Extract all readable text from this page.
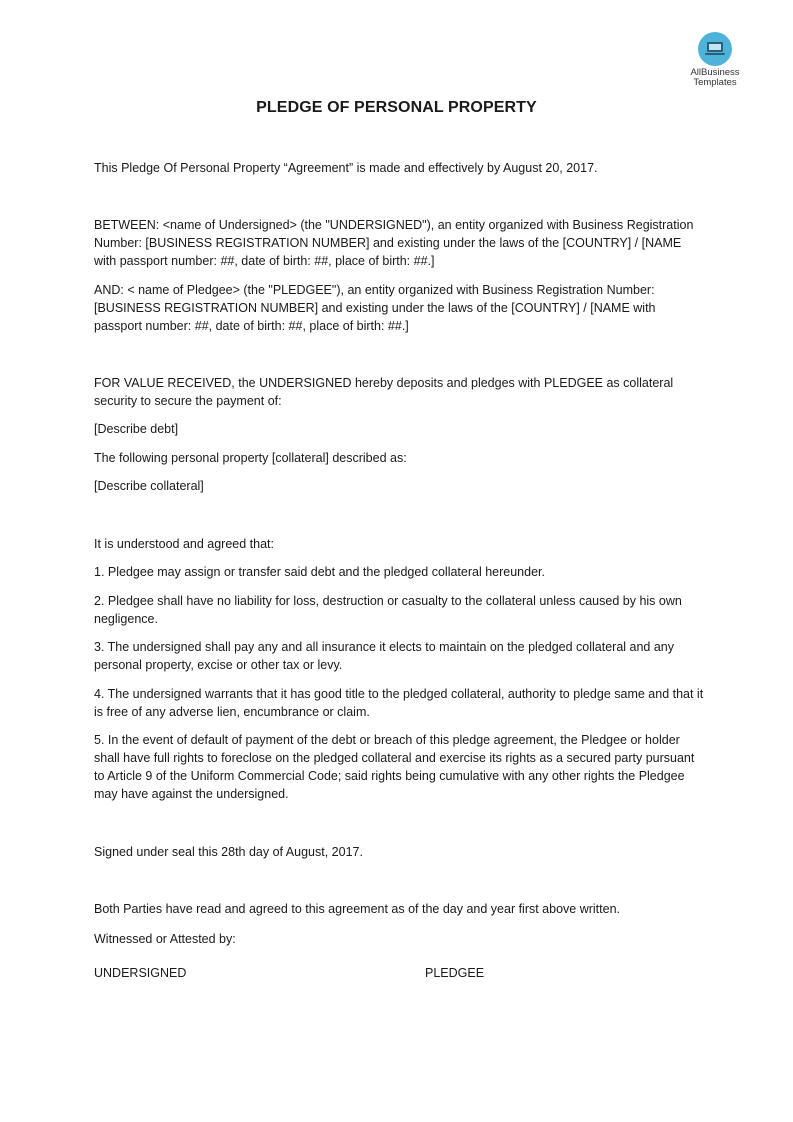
AllBusiness
Templates
PLEDGE OF PERSONAL PROPERTY

This Pledge Of Personal Property “Agreement” is made and effectively by August 20, 2017.

BETWEEN: <name of Undersigned> (the "UNDERSIGNED"), an entity organized with Business Registration Number: [BUSINESS REGISTRATION NUMBER] and existing under the laws of the [COUNTRY] / [NAME with passport number: ##, date of birth: ##, place of birth: ##.]

AND: < name of Pledgee> (the "PLEDGEE"), an entity organized with Business Registration Number: [BUSINESS REGISTRATION NUMBER] and existing under the laws of the [COUNTRY] / [NAME with passport number: ##, date of birth: ##, place of birth: ##.]

FOR VALUE RECEIVED, the UNDERSIGNED hereby deposits and pledges with PLEDGEE as collateral security to secure the payment of:

[Describe debt]

The following personal property [collateral] described as:

[Describe collateral]

It is understood and agreed that:

1. Pledgee may assign or transfer said debt and the pledged collateral hereunder.

2. Pledgee shall have no liability for loss, destruction or casualty to the collateral unless caused by his own negligence.

3. The undersigned shall pay any and all insurance it elects to maintain on the pledged collateral and any personal property, excise or other tax or levy.

4. The undersigned warrants that it has good title to the pledged collateral, authority to pledge same and that it is free of any adverse lien, encumbrance or claim.

5. In the event of default of payment of the debt or breach of this pledge agreement, the Pledgee or holder shall have full rights to foreclose on the pledged collateral and exercise its rights as a secured party pursuant to Article 9 of the Uniform Commercial Code; said rights being cumulative with any other rights the Pledgee may have against the undersigned.

Signed under seal this 28th day of August, 2017.

Both Parties have read and agreed to this agreement as of the day and year first above written.

Witnessed or Attested by:

UNDERSIGNED	PLEDGEE
